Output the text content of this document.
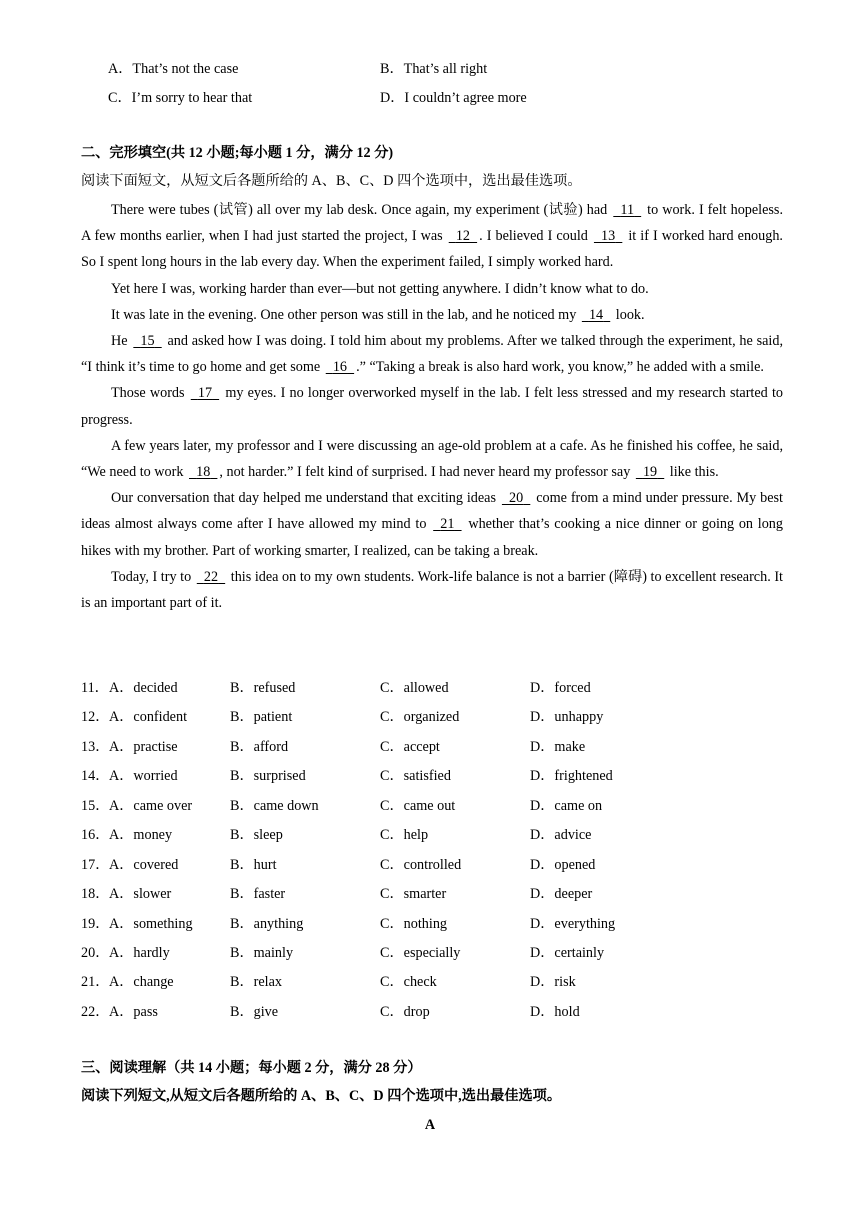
A．That’s not the case	B．That’s all right
C．I’m sorry to hear that	D．I couldn’t agree more
二、完形填空(共 12 小题;每小题 1 分，满分 12 分)
阅读下面短文，从短文后各题所给的 A、B、C、D 四个选项中，选出最佳选项。

There were tubes (试管) all over my lab desk. Once again, my experiment (试验) had   11   to work. I felt hopeless. A few months earlier, when I had just started the project, I was   12 . I believed I could   13   it if I worked hard enough. So I spent long hours in the lab every day. When the experiment failed, I simply worked hard.

Yet here I was, working harder than ever—but not getting anywhere. I didn’t know what to do.

It was late in the evening. One other person was still in the lab, and he noticed my   14   look.

He   15   and asked how I was doing. I told him about my problems. After we talked through the experiment, he said, “I think it’s time to go home and get some   16 .” “Taking a break is also hard work, you know,” he added with a smile.

Those words   17   my eyes. I no longer overworked myself in the lab. I felt less stressed and my research started to progress.

A few years later, my professor and I were discussing an age-old problem at a cafe. As he finished his coffee, he said, “We need to work   18 , not harder.” I felt kind of surprised. I had never heard my professor say   19   like this.

Our conversation that day helped me understand that exciting ideas   20   come from a mind under pressure. My best ideas almost always come after I have allowed my mind to   21   whether that’s cooking a nice dinner or going on long hikes with my brother. Part of working smarter, I realized, can be taking a break.

Today, I try to   22   this idea on to my own students. Work-life balance is not a barrier (障碍) to excellent research. It is an important part of it.

11． A．decided	B．refused	C．allowed	D．forced
12． A．confident	B．patient	C．organized	D．unhappy
13． A．practise	B．afford	C．accept	D．make
14． A．worried	B．surprised	C．satisfied	D．frightened
15． A．came over	B．came down	C．came out	D．came on
16． A．money	B．sleep	C．help	D．advice
17． A．covered	B．hurt	C．controlled	D．opened
18． A．slower	B．faster	C．smarter	D．deeper
19． A．something	B．anything	C．nothing	D．everything
20． A．hardly	B．mainly	C．especially	D．certainly
21． A．change	B．relax	C．check	D．risk
22． A．pass	B．give	C．drop	D．hold
三、阅读理解（共 14 小题；每小题 2 分，满分 28 分）
阅读下列短文,从短文后各题所给的 A、B、C、D 四个选项中,选出最佳选项。
A
